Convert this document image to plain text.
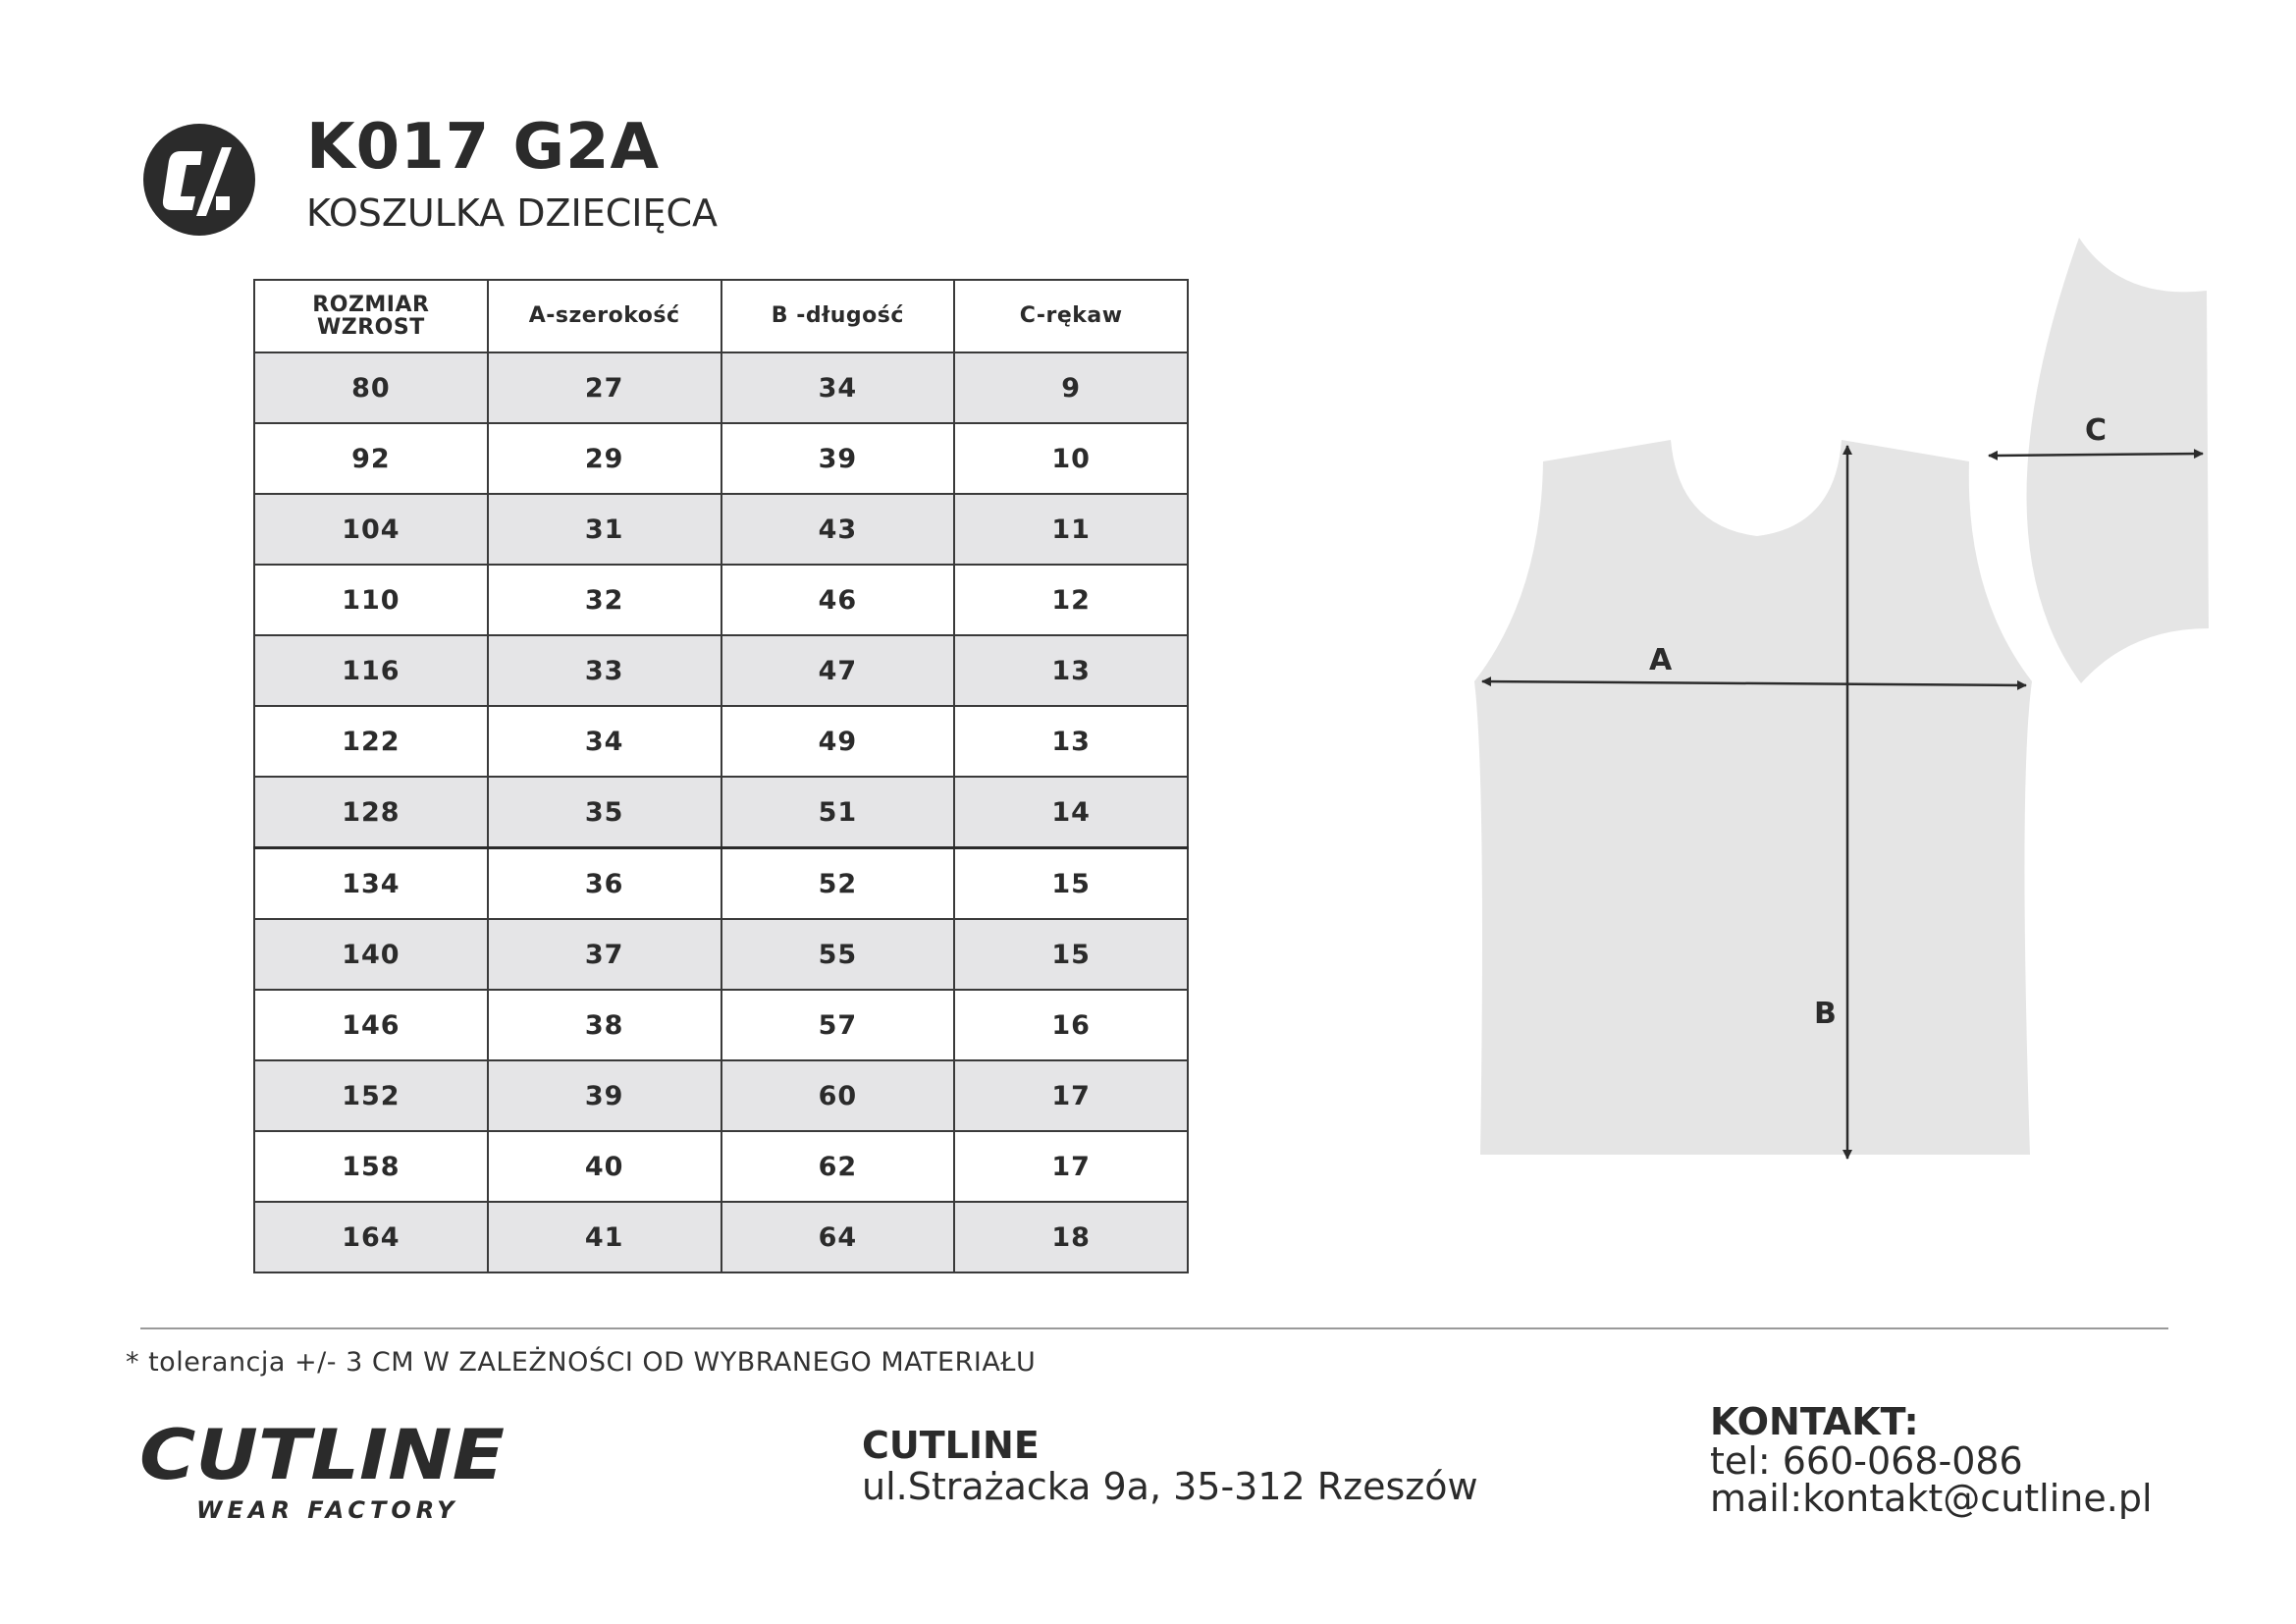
K017 G2A
KOSZULKA DZIECIĘCA
ROZMIAR
WZROST	A-szerokość	B -długość	C-rękaw
80	27	34	9
92	29	39	10
104	31	43	11
110	32	46	12
116	33	47	13
122	34	49	13
128	35	51	14
134	36	52	15
140	37	55	15
146	38	57	16
152	39	60	17
158	40	62	17
164	41	64	18
A
B
C
* tolerancja +/- 3 CM W ZALEŻNOŚCI OD WYBRANEGO MATERIAŁU
CUTLINE
WEAR FACTORY
CUTLINE
ul.Strażacka 9a, 35-312 Rzeszów
KONTAKT:
tel: 660-068-086
mail:kontakt@cutline.pl
